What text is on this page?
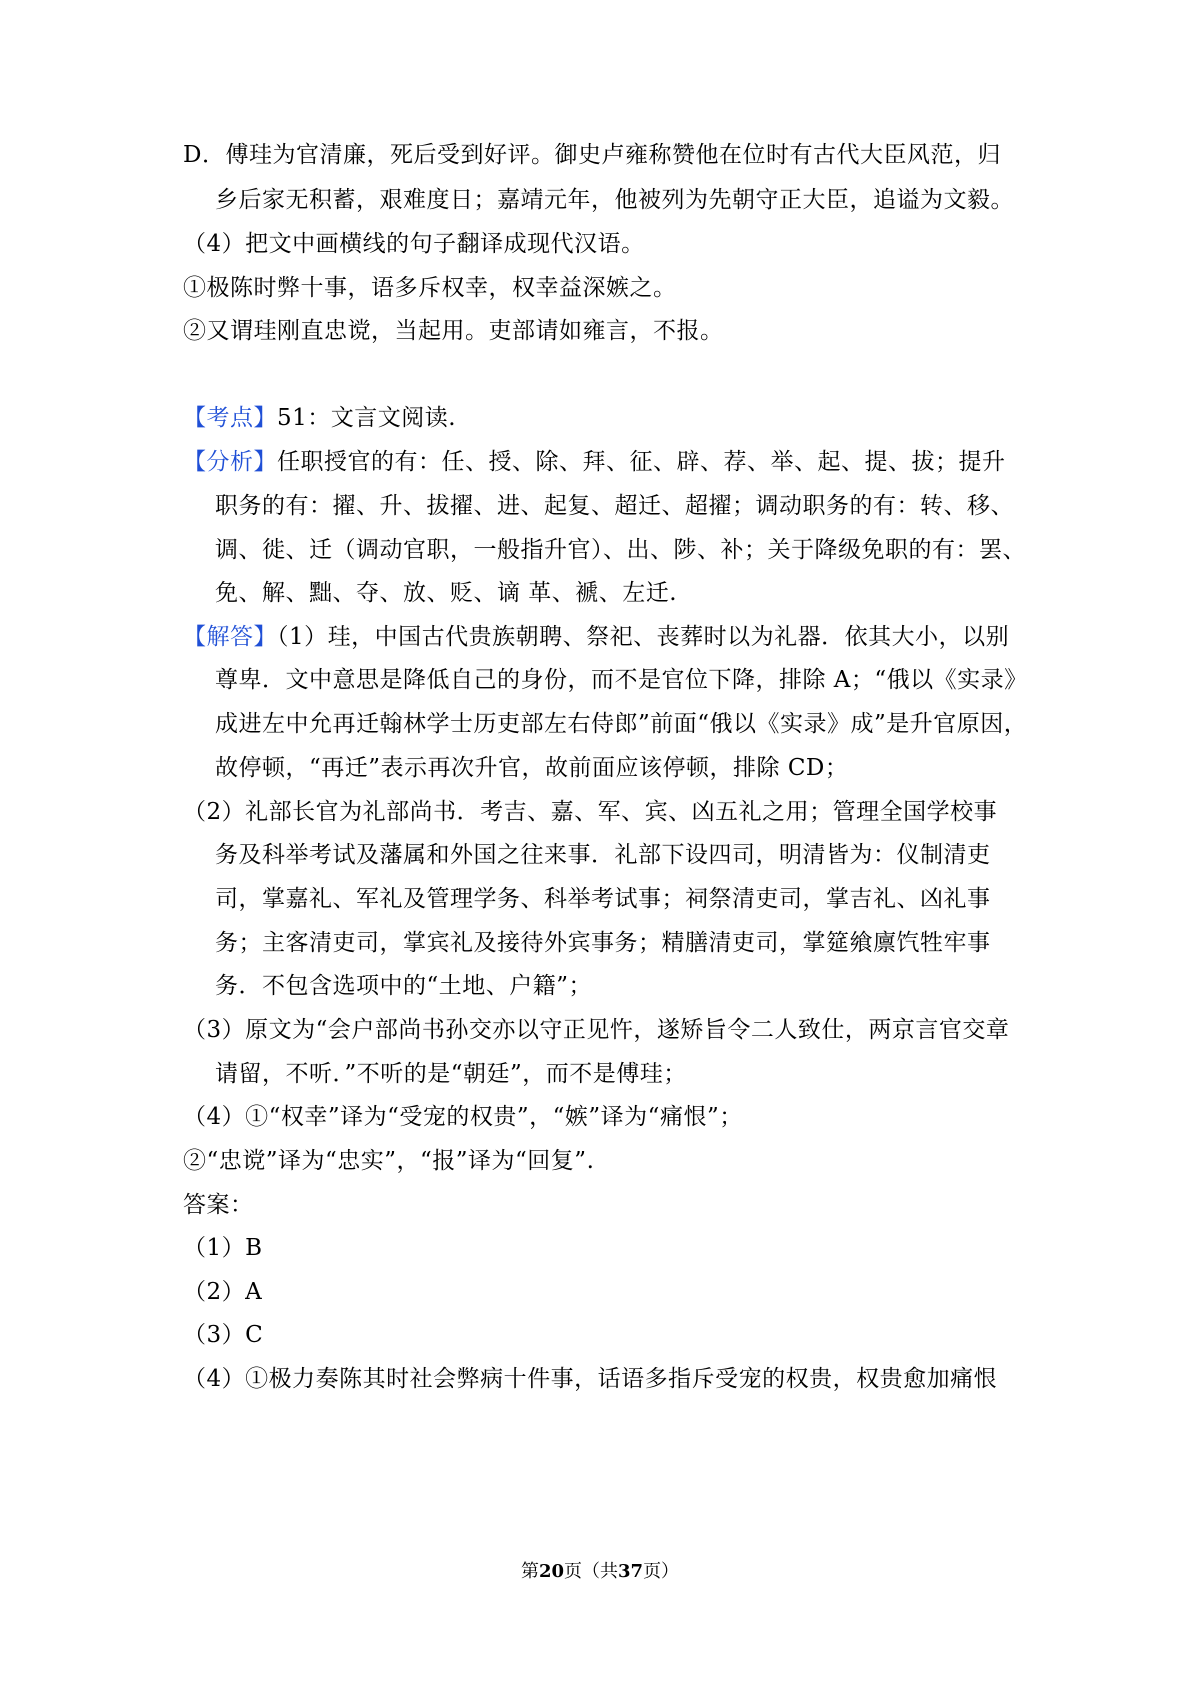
D．傅珪为官清廉，死后受到好评。御史卢雍称赞他在位时有古代大臣风范，归
乡后家无积蓄，艰难度日；嘉靖元年，他被列为先朝守正大臣，追谥为文毅。
（4）把文中画横线的句子翻译成现代汉语。
①极陈时弊十事，语多斥权幸，权幸益深嫉之。
②又谓珪刚直忠谠，当起用。吏部请如雍言，不报。
【考点】51：文言文阅读.
【分析】任职授官的有：任、授、除、拜、征、辟、荐、举、起、提、拔；提升
职务的有：擢、升、拔擢、进、起复、超迁、超擢；调动职务的有：转、移、
调、徙、迁（调动官职，一般指升官）、出、陟、补；关于降级免职的有：罢、
免、解、黜、夺、放、贬、谪 革、褫、左迁.
【解答】（1）珪，中国古代贵族朝聘、祭祀、丧葬时以为礼器．依其大小，以别
尊卑．文中意思是降低自己的身份，而不是官位下降，排除 A；“俄以《实录》
成进左中允再迁翰林学士历吏部左右侍郎”前面“俄以《实录》成”是升官原因，
故停顿，“再迁”表示再次升官，故前面应该停顿，排除 CD；
（2）礼部长官为礼部尚书．考吉、嘉、军、宾、凶五礼之用；管理全国学校事
务及科举考试及藩属和外国之往来事．礼部下设四司，明清皆为：仪制清吏
司，掌嘉礼、军礼及管理学务、科举考试事；祠祭清吏司，掌吉礼、凶礼事
务；主客清吏司，掌宾礼及接待外宾事务；精膳清吏司，掌筵飨廪饩牲牢事
务．不包含选项中的“土地、户籍”；
（3）原文为“会户部尚书孙交亦以守正见忤，遂矫旨令二人致仕，两京言官交章
请留，不听．”不听的是“朝廷”，而不是傅珪；
（4）①“权幸”译为“受宠的权贵”，“嫉”译为“痛恨”；
②“忠谠”译为“忠实”，“报”译为“回复”.
答案：
（1）B
（2）A
（3）C
（4）①极力奏陈其时社会弊病十件事，话语多指斥受宠的权贵，权贵愈加痛恨
第20页（共37页）
